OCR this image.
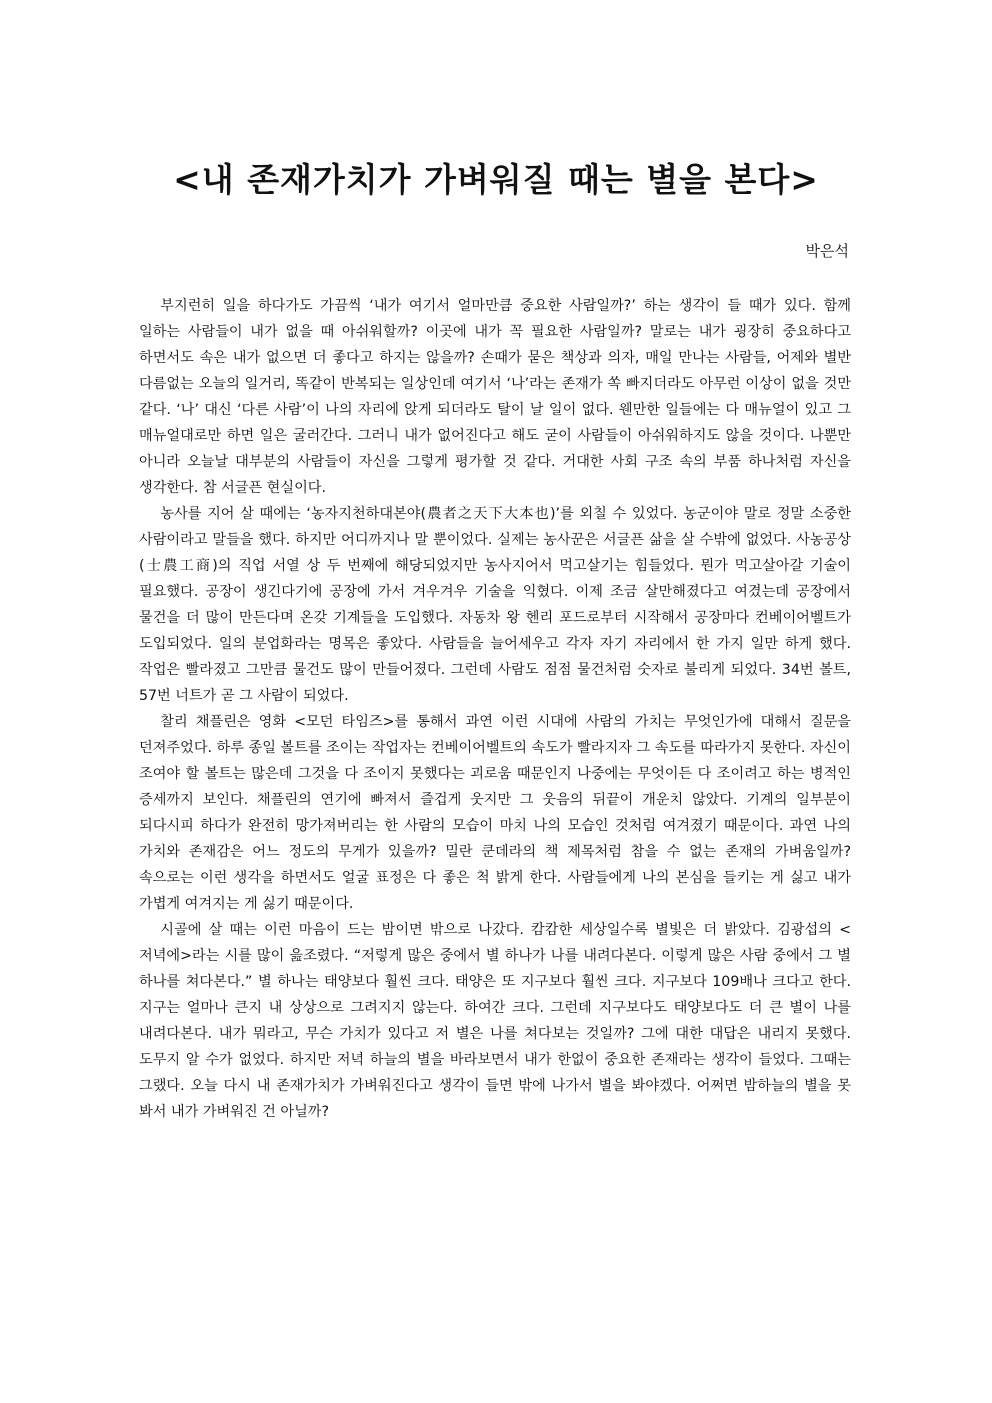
<내 존재가치가 가벼워질 때는 별을 본다>
박은석

부지런히 일을 하다가도 가끔씩 ‘내가 여기서 얼마만큼 중요한 사람일까?’ 하는 생각이 들 때가 있다. 함께 일하는 사람들이 내가 없을 때 아쉬워할까? 이곳에 내가 꼭 필요한 사람일까? 말로는 내가 굉장히 중요하다고 하면서도 속은 내가 없으면 더 좋다고 하지는 않을까? 손때가 묻은 책상과 의자, 매일 만나는 사람들, 어제와 별반 다름없는 오늘의 일거리, 똑같이 반복되는 일상인데 여기서 ‘나’라는 존재가 쏙 빠지더라도 아무런 이상이 없을 것만 같다. ‘나’ 대신 ‘다른 사람’이 나의 자리에 앉게 되더라도 탈이 날 일이 없다. 웬만한 일들에는 다 매뉴얼이 있고 그 매뉴얼대로만 하면 일은 굴러간다. 그러니 내가 없어진다고 해도 굳이 사람들이 아쉬워하지도 않을 것이다. 나뿐만 아니라 오늘날 대부분의 사람들이 자신을 그렇게 평가할 것 같다. 거대한 사회 구조 속의 부품 하나처럼 자신을 생각한다. 참 서글픈 현실이다.

농사를 지어 살 때에는 ‘농자지천하대본야(農者之天下大本也)’를 외칠 수 있었다. 농군이야 말로 정말 소중한 사람이라고 말들을 했다. 하지만 어디까지나 말 뿐이었다. 실제는 농사꾼은 서글픈 삶을 살 수밖에 없었다. 사농공상(士農工商)의 직업 서열 상 두 번째에 해당되었지만 농사지어서 먹고살기는 힘들었다. 뭔가 먹고살아갈 기술이 필요했다. 공장이 생긴다기에 공장에 가서 겨우겨우 기술을 익혔다. 이제 조금 살만해졌다고 여겼는데 공장에서 물건을 더 많이 만든다며 온갖 기계들을 도입했다. 자동차 왕 헨리 포드로부터 시작해서 공장마다 컨베이어벨트가 도입되었다. 일의 분업화라는 명목은 좋았다. 사람들을 늘어세우고 각자 자기 자리에서 한 가지 일만 하게 했다. 작업은 빨라졌고 그만큼 물건도 많이 만들어졌다. 그런데 사람도 점점 물건처럼 숫자로 불리게 되었다. 34번 볼트, 57번 너트가 곧 그 사람이 되었다.

찰리 채플린은 영화 <모던 타임즈>를 통해서 과연 이런 시대에 사람의 가치는 무엇인가에 대해서 질문을 던져주었다. 하루 종일 볼트를 조이는 작업자는 컨베이어벨트의 속도가 빨라지자 그 속도를 따라가지 못한다. 자신이 조여야 할 볼트는 많은데 그것을 다 조이지 못했다는 괴로움 때문인지 나중에는 무엇이든 다 조이려고 하는 병적인 증세까지 보인다. 채플린의 연기에 빠져서 즐겁게 웃지만 그 웃음의 뒤끝이 개운치 않았다. 기계의 일부분이 되다시피 하다가 완전히 망가져버리는 한 사람의 모습이 마치 나의 모습인 것처럼 여겨졌기 때문이다. 과연 나의 가치와 존재감은 어느 정도의 무게가 있을까? 밀란 쿤데라의 책 제목처럼 참을 수 없는 존재의 가벼움일까? 속으로는 이런 생각을 하면서도 얼굴 표정은 다 좋은 척 밝게 한다. 사람들에게 나의 본심을 들키는 게 싫고 내가 가볍게 여겨지는 게 싫기 때문이다.

시골에 살 때는 이런 마음이 드는 밤이면 밖으로 나갔다. 캄캄한 세상일수록 별빛은 더 밝았다. 김광섭의 <저녁에>라는 시를 많이 읊조렸다. “저렇게 많은 중에서 별 하나가 나를 내려다본다. 이렇게 많은 사람 중에서 그 별 하나를 쳐다본다.” 별 하나는 태양보다 훨씬 크다. 태양은 또 지구보다 훨씬 크다. 지구보다 109배나 크다고 한다. 지구는 얼마나 큰지 내 상상으로 그려지지 않는다. 하여간 크다. 그런데 지구보다도 태양보다도 더 큰 별이 나를 내려다본다. 내가 뭐라고, 무슨 가치가 있다고 저 별은 나를 쳐다보는 것일까? 그에 대한 대답은 내리지 못했다. 도무지 알 수가 없었다. 하지만 저녁 하늘의 별을 바라보면서 내가 한없이 중요한 존재라는 생각이 들었다. 그때는 그랬다. 오늘 다시 내 존재가치가 가벼워진다고 생각이 들면 밖에 나가서 별을 봐야겠다. 어쩌면 밤하늘의 별을 못 봐서 내가 가벼워진 건 아닐까?
